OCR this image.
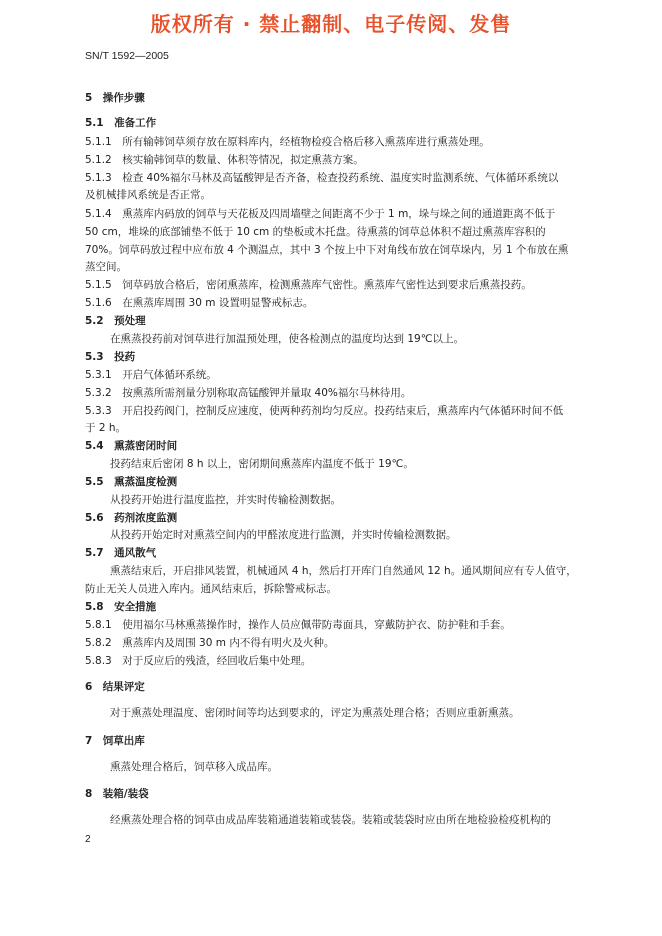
版权所有 · 禁止翻制、电子传阅、发售
SN/T 1592—2005
5　操作步骤
5.1　准备工作
5.1.1　所有输韩饲草须存放在原料库内，经植物检疫合格后移入熏蒸库进行熏蒸处理。
5.1.2　核实输韩饲草的数量、体积等情况，拟定熏蒸方案。
5.1.3　检查 40%福尔马林及高锰酸钾是否齐备，检查投药系统、温度实时监测系统、气体循环系统以
及机械排风系统是否正常。
5.1.4　熏蒸库内码放的饲草与天花板及四周墙壁之间距离不少于 1 m，垛与垛之间的通道距离不低于
50 cm，堆垛的底部铺垫不低于 10 cm 的垫板或木托盘。待熏蒸的饲草总体积不超过熏蒸库容积的
70%。饲草码放过程中应布放 4 个测温点，其中 3 个按上中下对角线布放在饲草垛内，另 1 个布放在熏
蒸空间。
5.1.5　饲草码放合格后，密闭熏蒸库，检测熏蒸库气密性。熏蒸库气密性达到要求后熏蒸投药。
5.1.6　在熏蒸库周围 30 m 设置明显警戒标志。
5.2　预处理
在熏蒸投药前对饲草进行加温预处理，使各检测点的温度均达到 19℃以上。
5.3　投药
5.3.1　开启气体循环系统。
5.3.2　按熏蒸所需剂量分别称取高锰酸钾并量取 40%福尔马林待用。
5.3.3　开启投药阀门，控制反应速度，使两种药剂均匀反应。投药结束后，熏蒸库内气体循环时间不低
于 2 h。
5.4　熏蒸密闭时间
投药结束后密闭 8 h 以上，密闭期间熏蒸库内温度不低于 19℃。
5.5　熏蒸温度检测
从投药开始进行温度监控，并实时传输检测数据。
5.6　药剂浓度监测
从投药开始定时对熏蒸空间内的甲醛浓度进行监测，并实时传输检测数据。
5.7　通风散气
熏蒸结束后，开启排风装置，机械通风 4 h，然后打开库门自然通风 12 h。通风期间应有专人值守，
防止无关人员进入库内。通风结束后，拆除警戒标志。
5.8　安全措施
5.8.1　使用福尔马林熏蒸操作时，操作人员应佩带防毒面具，穿戴防护衣、防护鞋和手套。
5.8.2　熏蒸库内及周围 30 m 内不得有明火及火种。
5.8.3　对于反应后的残渣，经回收后集中处理。
6　结果评定
对于熏蒸处理温度、密闭时间等均达到要求的，评定为熏蒸处理合格；否则应重新熏蒸。
7　饲草出库
熏蒸处理合格后，饲草移入成品库。
8　装箱/装袋
经熏蒸处理合格的饲草由成品库装箱通道装箱或装袋。装箱或装袋时应由所在地检验检疫机构的
2
